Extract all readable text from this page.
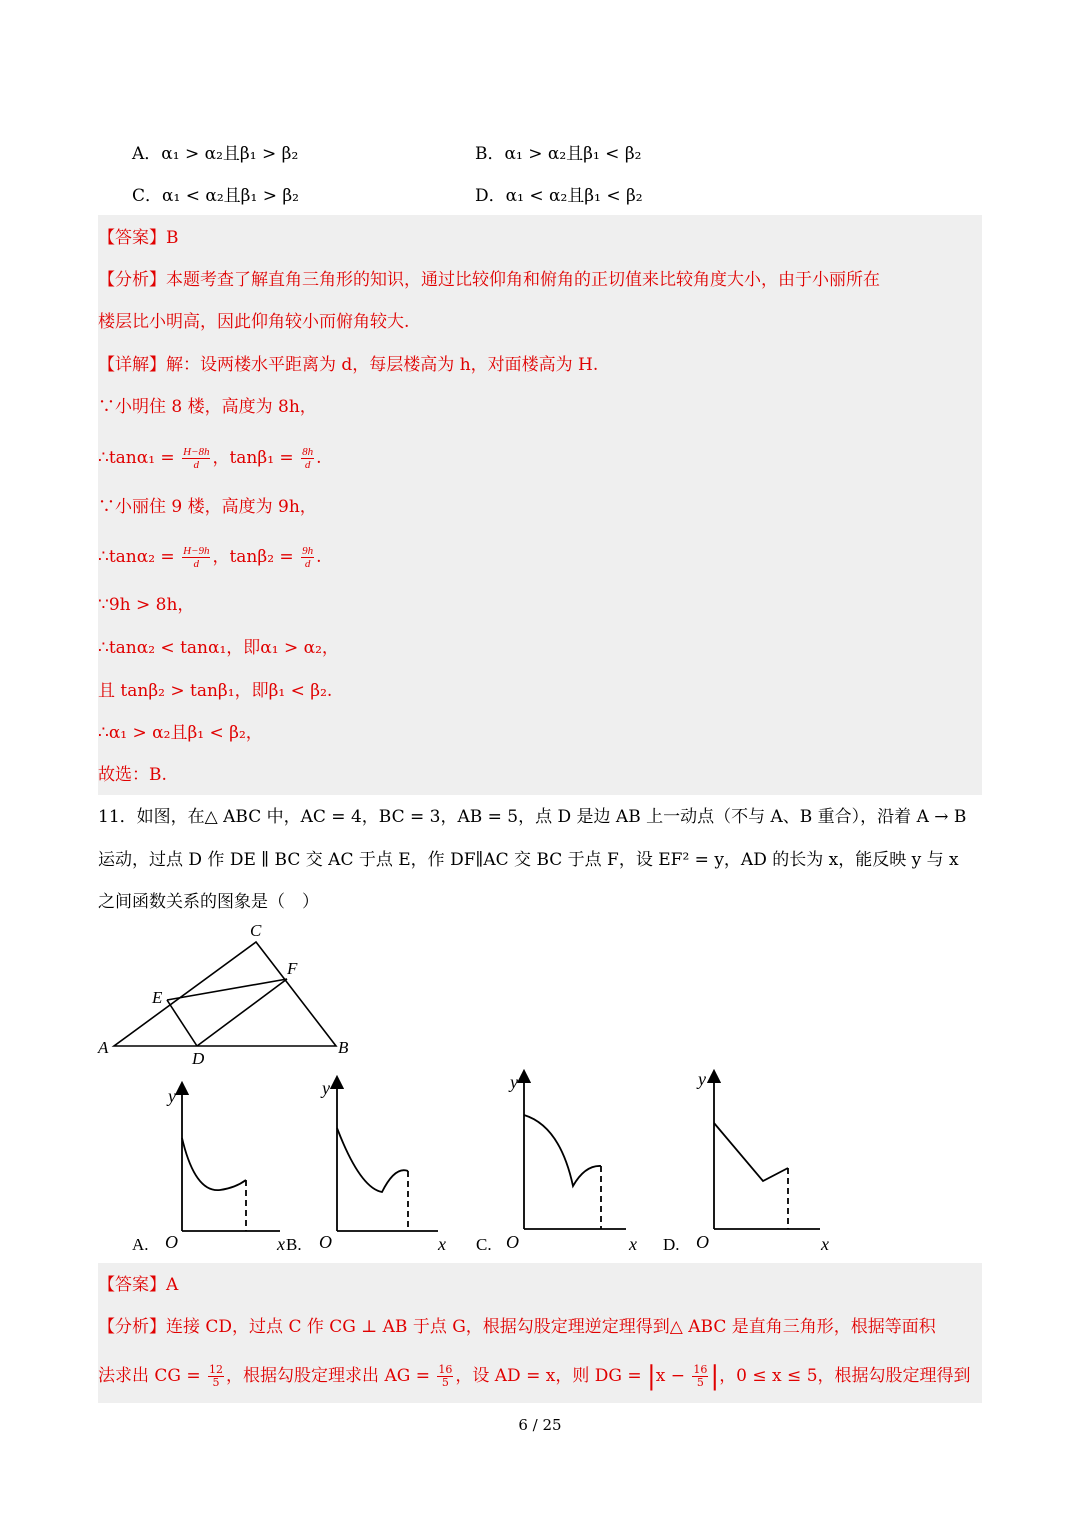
A．α₁ > α₂且β₁ > β₂	B．α₁ > α₂且β₁ < β₂
C．α₁ < α₂且β₁ > β₂	D．α₁ < α₂且β₁ < β₂
【答案】B
【分析】本题考查了解直角三角形的知识，通过比较仰角和俯角的正切值来比较角度大小，由于小丽所在
楼层比小明高，因此仰角较小而俯角较大.
【详解】解：设两楼水平距离为 d，每层楼高为 h，对面楼高为 H.
∵小明住 8 楼，高度为 8h，
∴tanα₁ = $\frac{H-8h}{d}$ ，$\tan\beta_1 = \frac{8h}{d}$ .
∵小丽住 9 楼，高度为 9h，
∴tanα₂ = $\frac{H-9h}{d}$ ，$\tan\beta_2 = \frac{9h}{d}$ .
∵9h > 8h，
∴tanα₂ < tanα₁，即α₁ > α₂，
且 tanβ₂ > tanβ₁，即β₁ < β₂.
∴α₁ > α₂且β₁ < β₂，
故选：B.
11．如图，在△ ABC 中，AC = 4，BC = 3，AB = 5，点 D 是边 AB 上一动点（不与 A、B 重合），沿着 A → B
运动，过点 D 作 DE ∥ BC 交 AC 于点 E，作 DF∥AC 交 BC 于点 F，设 EF² = y，AD 的长为 x，能反映 y 与 x
之间函数关系的图象是（　）
A	B
C
D
E
F
A. O
y
x B. O
y
x C. O
y
x D. O
y
x
【答案】A
【分析】连接 CD，过点 C 作 CG ⊥ AB 于点 G，根据勾股定理逆定理得到△ ABC 是直角三角形，根据等面积
法求出 CG = $\frac{12}{5}$ ，根据勾股定理求出 AG = $\frac{16}{5}$ ，设 AD = x，则 DG = $|x - \frac{16}{5}$ |，0 ≤ x ≤ 5，根据勾股定理得到
6 / 25
